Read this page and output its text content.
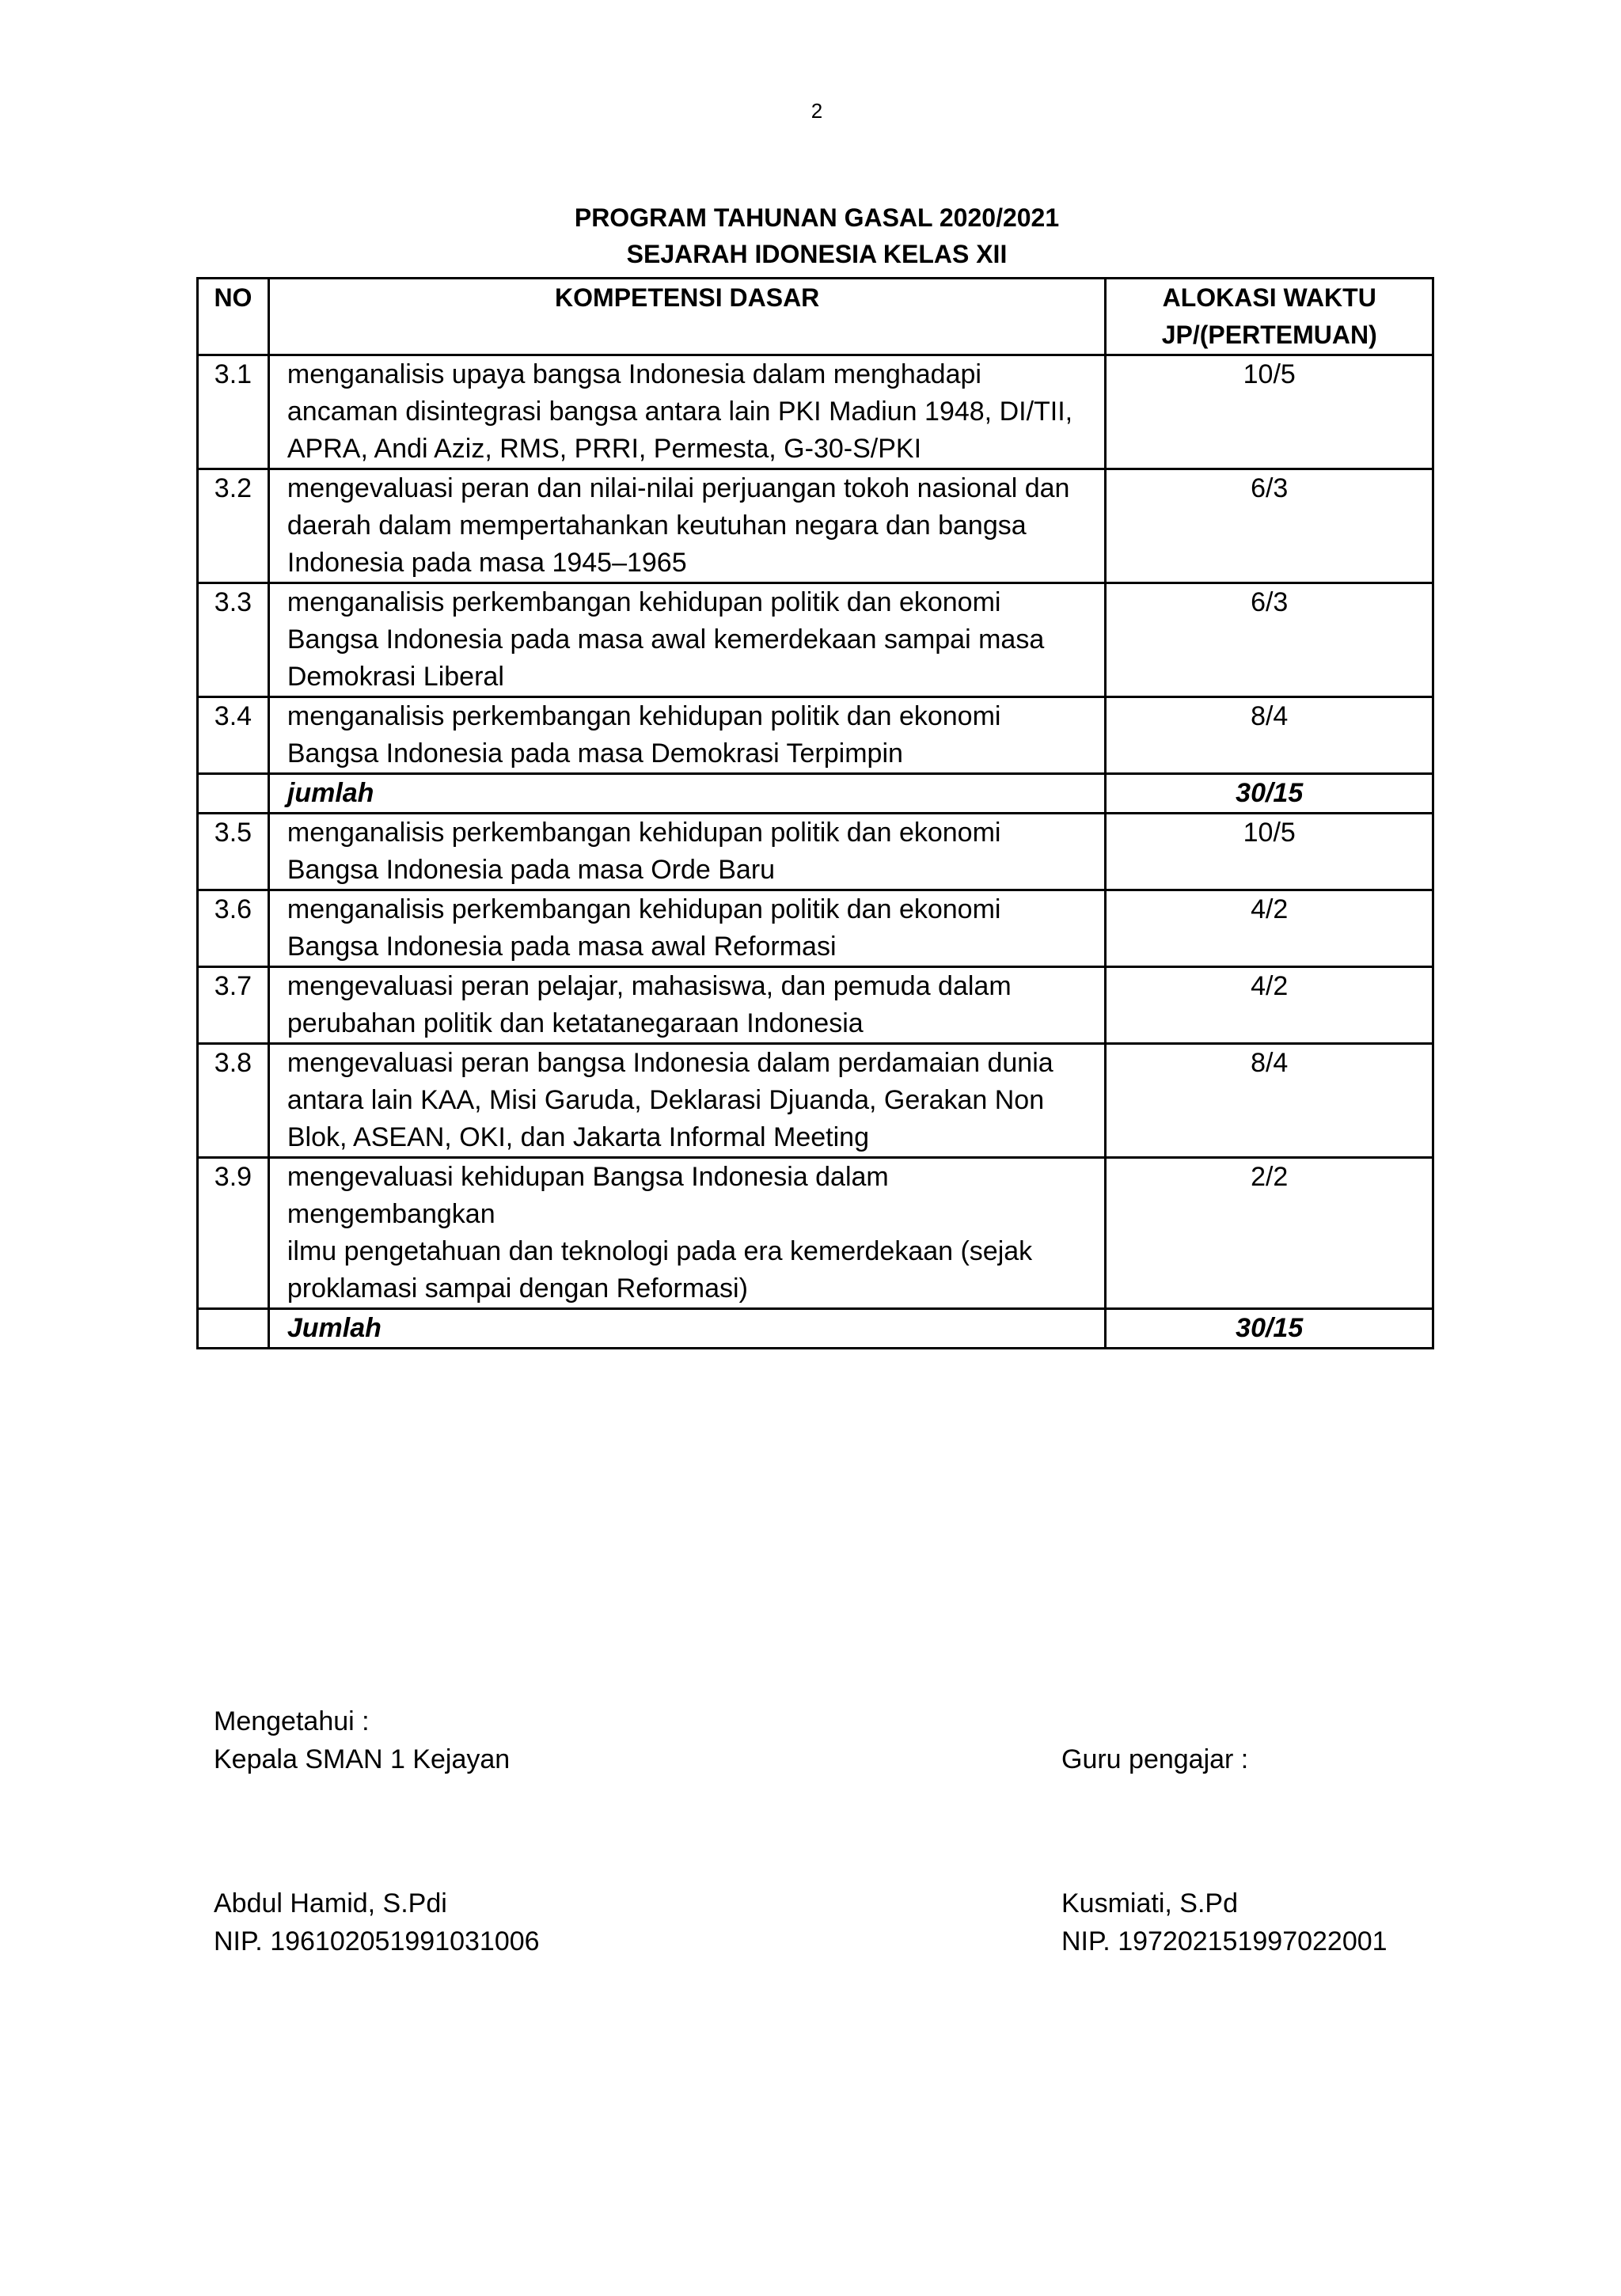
2
PROGRAM TAHUNAN GASAL 2020/2021
SEJARAH IDONESIA KELAS XII
NO	KOMPETENSI DASAR	ALOKASI WAKTU
JP/(PERTEMUAN)

3.1	menganalisis upaya bangsa Indonesia dalam menghadapi
ancaman disintegrasi bangsa antara lain PKI Madiun 1948, DI/TII,
APRA, Andi Aziz, RMS, PRRI, Permesta, G-30-S/PKI	10/5
3.2	mengevaluasi peran dan nilai-nilai perjuangan tokoh nasional dan
daerah dalam mempertahankan keutuhan negara dan bangsa
Indonesia pada masa 1945–1965	6/3
3.3	menganalisis perkembangan kehidupan politik dan ekonomi
Bangsa Indonesia pada masa awal kemerdekaan sampai masa
Demokrasi Liberal	6/3
3.4	menganalisis perkembangan kehidupan politik dan ekonomi
Bangsa Indonesia pada masa Demokrasi Terpimpin	8/4

	jumlah	30/15
3.5	menganalisis perkembangan kehidupan politik dan ekonomi
Bangsa Indonesia pada masa Orde Baru	10/5
3.6	menganalisis perkembangan kehidupan politik dan ekonomi
Bangsa Indonesia pada masa awal Reformasi	4/2
3.7	mengevaluasi peran pelajar, mahasiswa, dan pemuda dalam
perubahan politik dan ketatanegaraan Indonesia	4/2
3.8	mengevaluasi peran bangsa Indonesia dalam perdamaian dunia
antara lain KAA, Misi Garuda, Deklarasi Djuanda, Gerakan Non
Blok, ASEAN, OKI, dan Jakarta Informal Meeting	8/4
3.9	mengevaluasi kehidupan Bangsa Indonesia dalam
mengembangkan
ilmu pengetahuan dan teknologi pada era kemerdekaan (sejak
proklamasi sampai dengan Reformasi)	2/2

	Jumlah	30/15
Mengetahui :
Kepala SMAN 1 Kejayan	Guru pengajar :
Abdul Hamid, S.Pdi
NIP. 196102051991031006
Kusmiati, S.Pd
NIP. 197202151997022001
